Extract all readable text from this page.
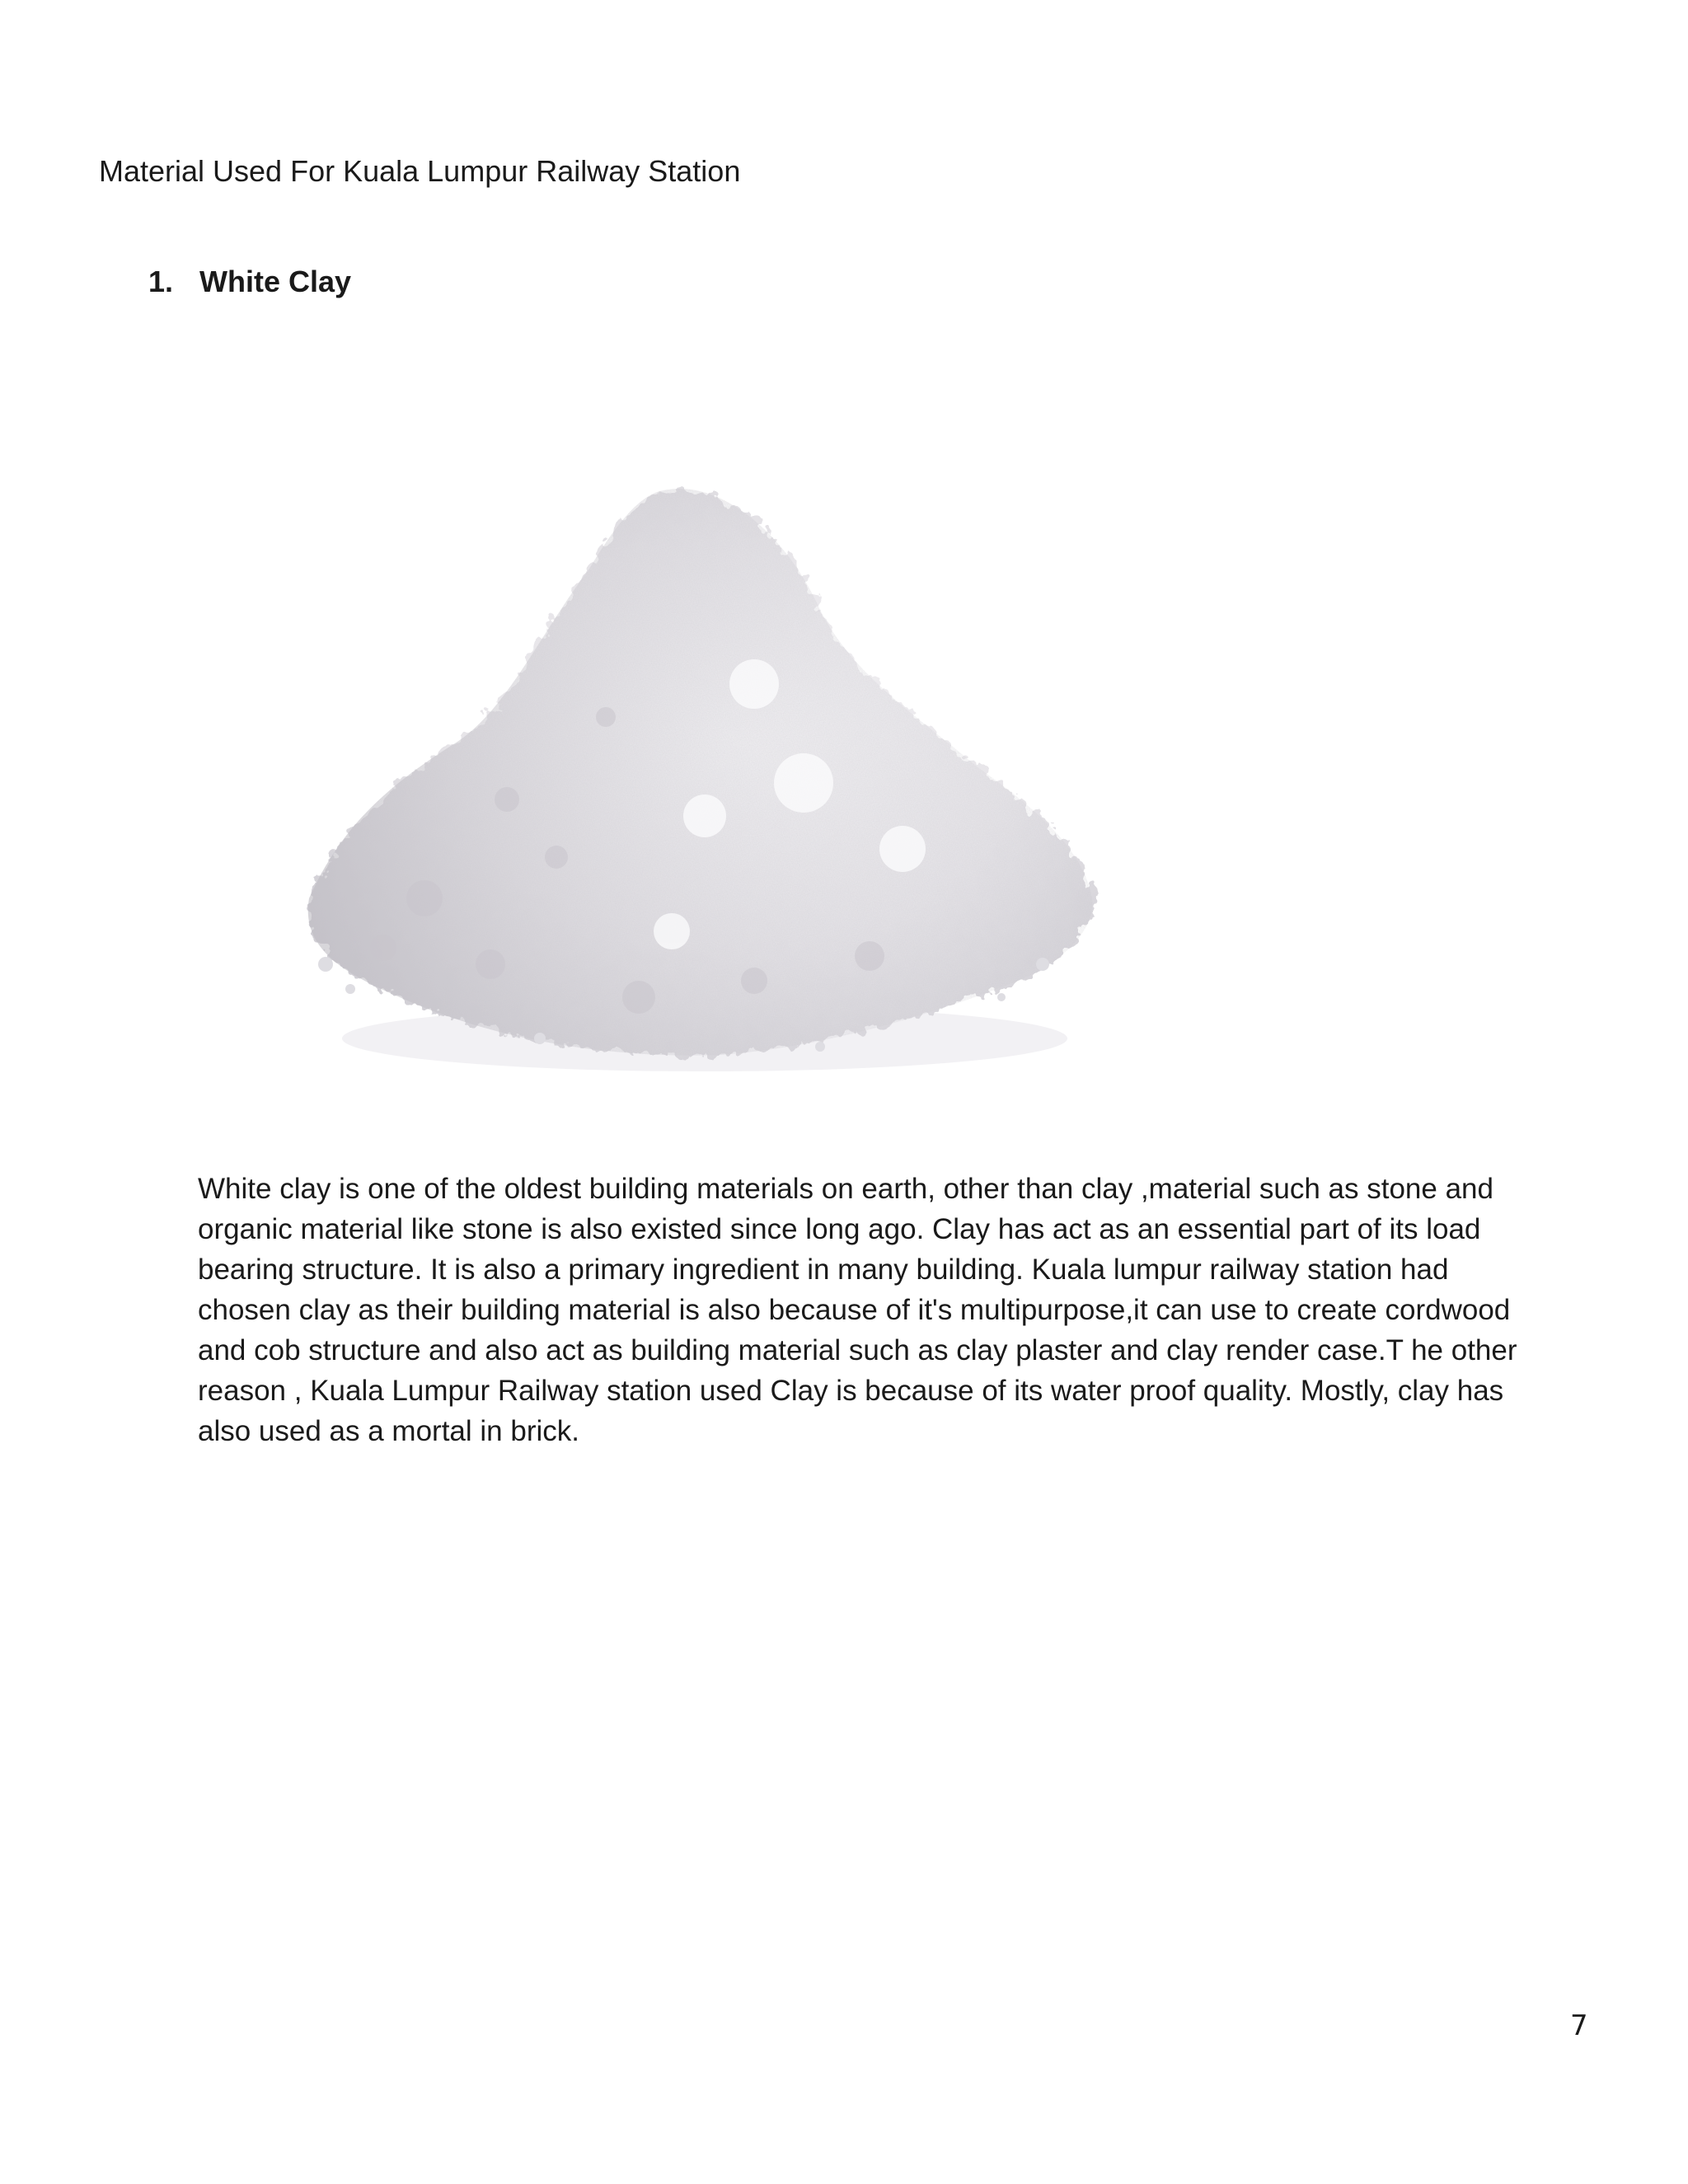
Material Used For Kuala Lumpur Railway Station
1. White Clay

White clay is one of the oldest building materials on earth, other than clay ,material such as stone and
organic material like stone is also existed since long ago. Clay has act as an essential part of its load
bearing structure. It is also a primary ingredient in many building. Kuala lumpur railway station had
chosen clay as their building material is also because of it's multipurpose,it can use to create cordwood
and cob structure and also act as building material such as clay plaster and clay render case.T he other
reason , Kuala Lumpur Railway station used Clay is because of its water proof quality. Mostly, clay has
also used as a mortal in brick.

7
